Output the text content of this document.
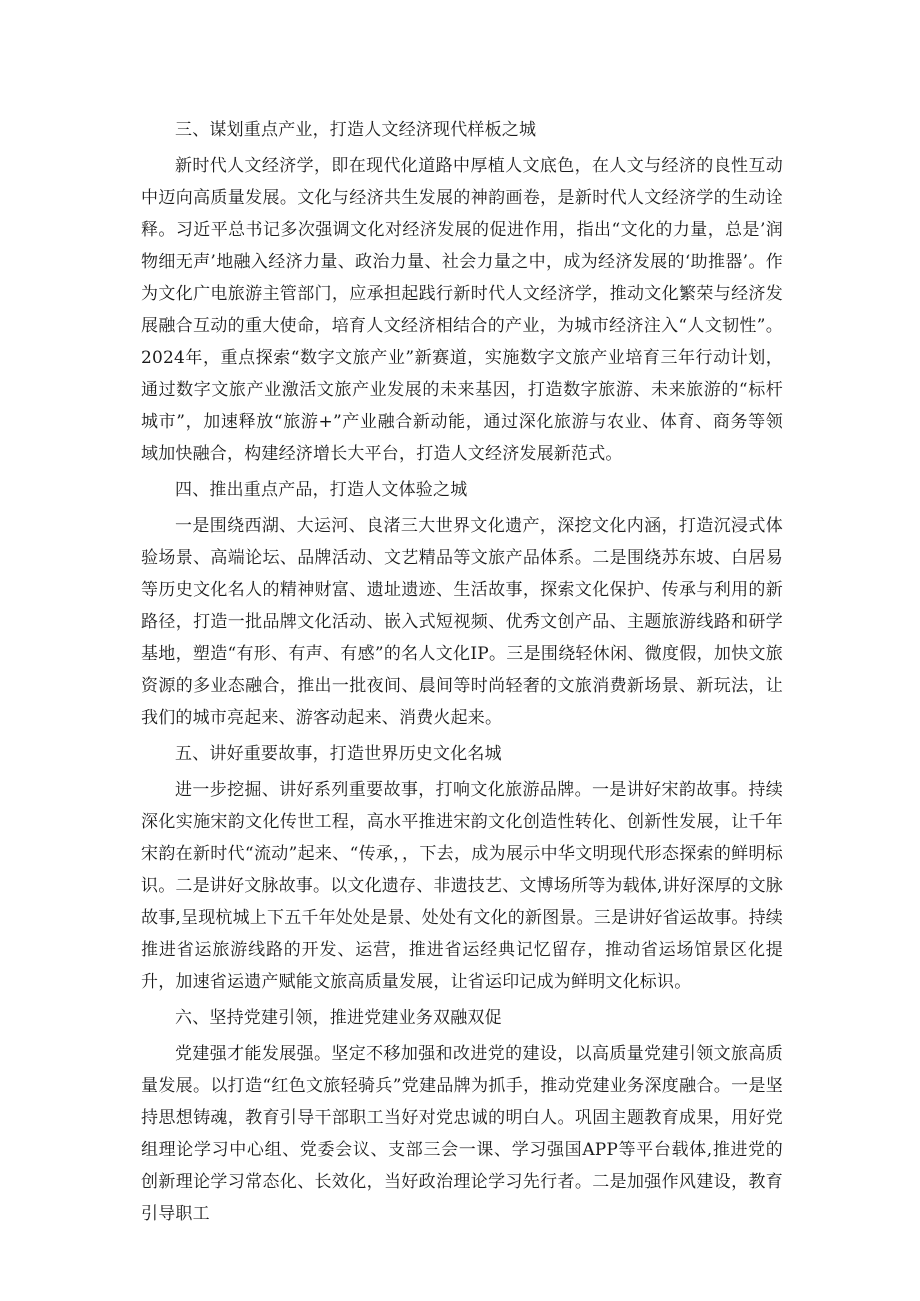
三、谋划重点产业，打造人文经济现代样板之城

新时代人文经济学，即在现代化道路中厚植人文底色，在人文与经济的良性互动中迈向高质量发展。文化与经济共生发展的神韵画卷，是新时代人文经济学的生动诠释。习近平总书记多次强调文化对经济发展的促进作用，指出“文化的力量，总是’润物细无声’地融入经济力量、政治力量、社会力量之中，成为经济发展的‘助推器’。作为文化广电旅游主管部门，应承担起践行新时代人文经济学，推动文化繁荣与经济发展融合互动的重大使命，培育人文经济相结合的产业，为城市经济注入“人文韧性”。2024年，重点探索“数字文旅产业”新赛道，实施数字文旅产业培育三年行动计划，通过数字文旅产业激活文旅产业发展的未来基因，打造数字旅游、未来旅游的“标杆城市”，加速释放“旅游+”产业融合新动能，通过深化旅游与农业、体育、商务等领域加快融合，构建经济增长大平台，打造人文经济发展新范式。

四、推出重点产品，打造人文体验之城

一是围绕西湖、大运河、良渚三大世界文化遗产，深挖文化内涵，打造沉浸式体验场景、高端论坛、品牌活动、文艺精品等文旅产品体系。二是围绕苏东坡、白居易等历史文化名人的精神财富、遗址遗迹、生活故事，探索文化保护、传承与利用的新路径，打造一批品牌文化活动、嵌入式短视频、优秀文创产品、主题旅游线路和研学基地，塑造“有形、有声、有感”的名人文化IP。三是围绕轻休闲、微度假，加快文旅资源的多业态融合，推出一批夜间、晨间等时尚轻奢的文旅消费新场景、新玩法，让我们的城市亮起来、游客动起来、消费火起来。

五、讲好重要故事，打造世界历史文化名城

进一步挖掘、讲好系列重要故事，打响文化旅游品牌。一是讲好宋韵故事。持续深化实施宋韵文化传世工程，高水平推进宋韵文化创造性转化、创新性发展，让千年宋韵在新时代“流动”起来、“传承，，下去，成为展示中华文明现代形态探索的鲜明标识。二是讲好文脉故事。以文化遗存、非遗技艺、文博场所等为载体,讲好深厚的文脉故事,呈现杭城上下五千年处处是景、处处有文化的新图景。三是讲好省运故事。持续推进省运旅游线路的开发、运营，推进省运经典记忆留存，推动省运场馆景区化提升，加速省运遗产赋能文旅高质量发展，让省运印记成为鲜明文化标识。

六、坚持党建引领，推进党建业务双融双促

党建强才能发展强。坚定不移加强和改进党的建设，以高质量党建引领文旅高质量发展。以打造“红色文旅轻骑兵”党建品牌为抓手，推动党建业务深度融合。一是坚持思想铸魂，教育引导干部职工当好对党忠诚的明白人。巩固主题教育成果，用好党组理论学习中心组、党委会议、支部三会一课、学习强国APP等平台载体,推进党的创新理论学习常态化、长效化，当好政治理论学习先行者。二是加强作风建设，教育引导职工
